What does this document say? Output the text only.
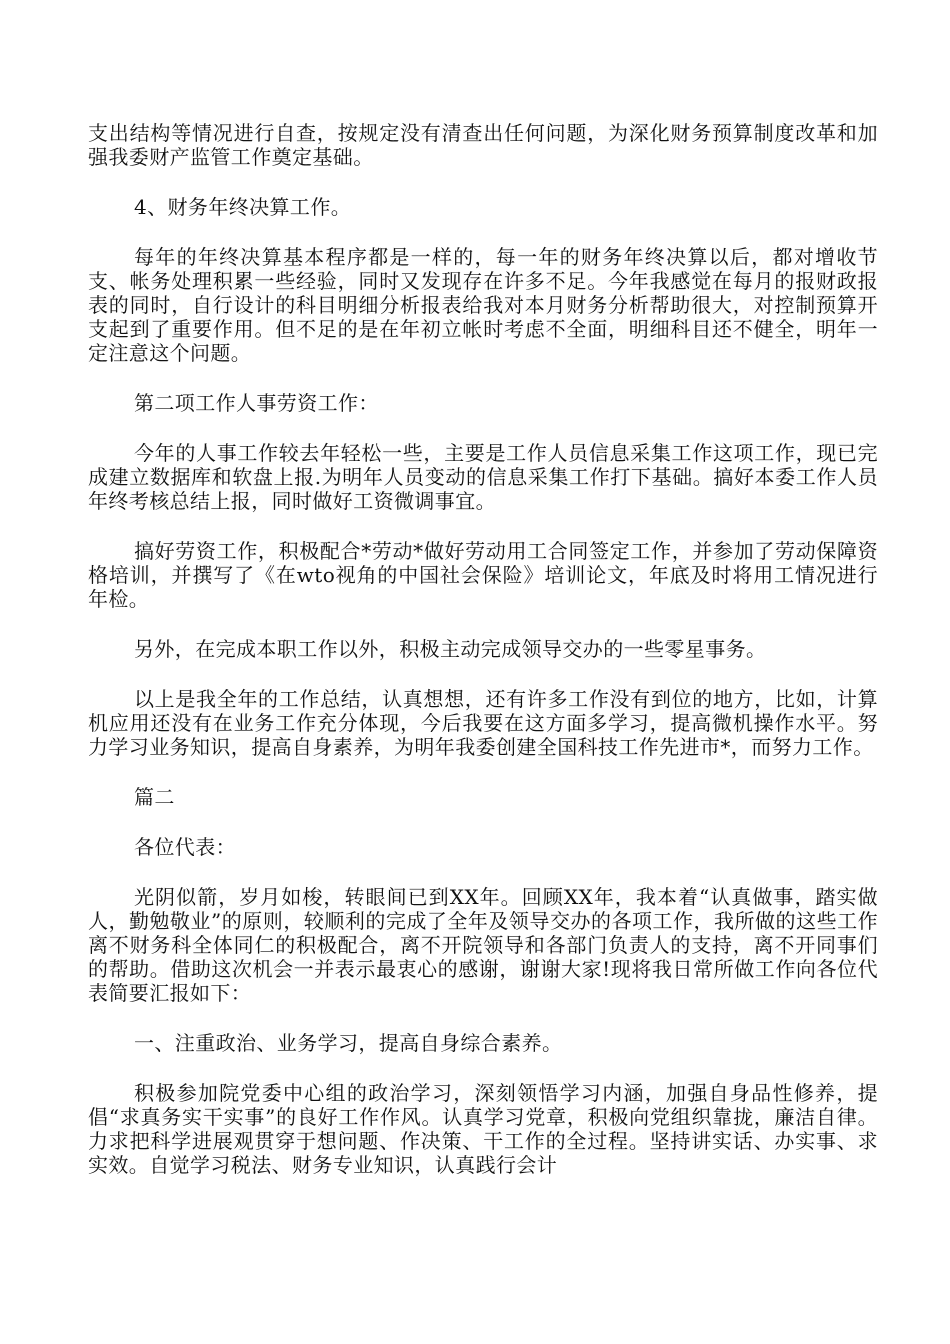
支出结构等情况进行自查，按规定没有清查出任何问题，为深化财务预算制度改革和加强我委财产监管工作奠定基础。

4、财务年终决算工作。

每年的年终决算基本程序都是一样的，每一年的财务年终决算以后，都对增收节支、帐务处理积累一些经验，同时又发现存在许多不足。今年我感觉在每月的报财政报表的同时，自行设计的科目明细分析报表给我对本月财务分析帮助很大，对控制预算开支起到了重要作用。但不足的是在年初立帐时考虑不全面，明细科目还不健全，明年一定注意这个问题。

第二项工作人事劳资工作：

今年的人事工作较去年轻松一些，主要是工作人员信息采集工作这项工作，现已完成建立数据库和软盘上报.为明年人员变动的信息采集工作打下基础。搞好本委工作人员年终考核总结上报，同时做好工资微调事宜。

搞好劳资工作，积极配合*劳动*做好劳动用工合同签定工作，并参加了劳动保障资格培训，并撰写了《在wto视角的中国社会保险》培训论文，年底及时将用工情况进行年检。

另外，在完成本职工作以外，积极主动完成领导交办的一些零星事务。

以上是我全年的工作总结，认真想想，还有许多工作没有到位的地方，比如，计算机应用还没有在业务工作充分体现，今后我要在这方面多学习，提高微机操作水平。努力学习业务知识，提高自身素养，为明年我委创建全国科技工作先进市*，而努力工作。

篇二

各位代表：

光阴似箭，岁月如梭，转眼间已到XX年。回顾XX年，我本着“认真做事，踏实做人，勤勉敬业”的原则，较顺利的完成了全年及领导交办的各项工作，我所做的这些工作离不财务科全体同仁的积极配合，离不开院领导和各部门负责人的支持，离不开同事们的帮助。借助这次机会一并表示最衷心的感谢，谢谢大家!现将我日常所做工作向各位代表简要汇报如下：

一、注重政治、业务学习，提高自身综合素养。

积极参加院党委中心组的政治学习，深刻领悟学习内涵，加强自身品性修养，提倡“求真务实干实事”的良好工作作风。认真学习党章，积极向党组织靠拢，廉洁自律。力求把科学进展观贯穿于想问题、作决策、干工作的全过程。坚持讲实话、办实事、求实效。自觉学习税法、财务专业知识，认真践行会计
